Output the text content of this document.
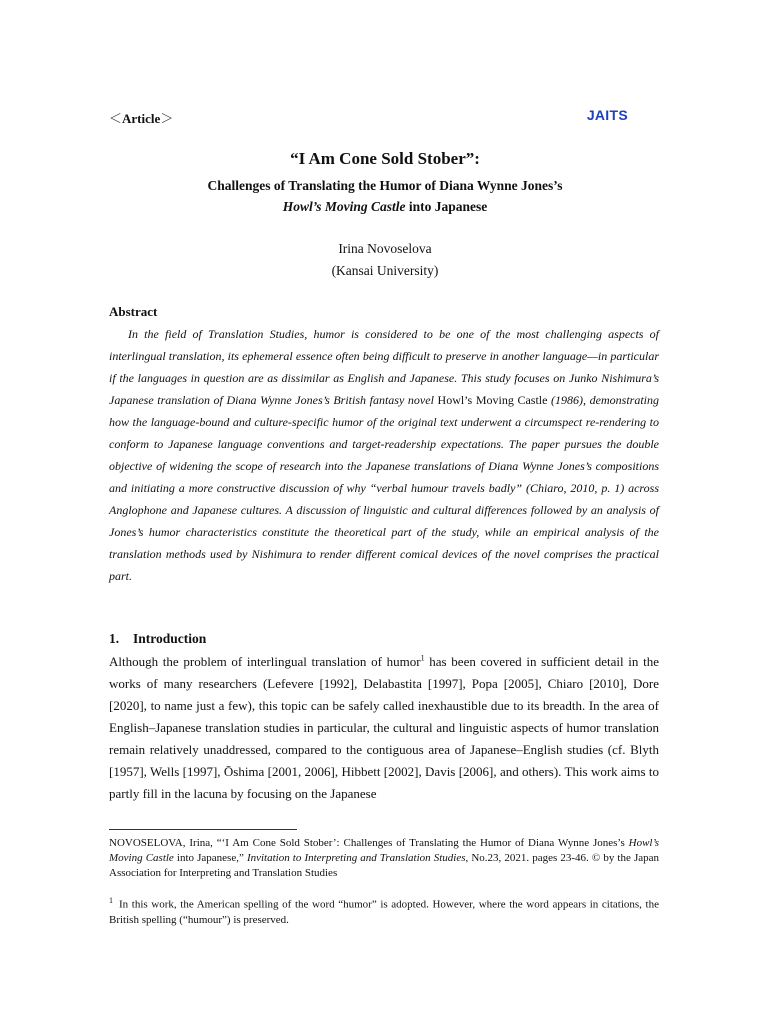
＜Article＞	JAITS
“I Am Cone Sold Stober”:
Challenges of Translating the Humor of Diana Wynne Jones’s
Howl’s Moving Castle into Japanese
Irina Novoselova
(Kansai University)
Abstract
In the field of Translation Studies, humor is considered to be one of the most challenging aspects of interlingual translation, its ephemeral essence often being difficult to preserve in another language—in particular if the languages in question are as dissimilar as English and Japanese. This study focuses on Junko Nishimura’s Japanese translation of Diana Wynne Jones’s British fantasy novel Howl’s Moving Castle (1986), demonstrating how the language-bound and culture-specific humor of the original text underwent a circumspect re-rendering to conform to Japanese language conventions and target-readership expectations. The paper pursues the double objective of widening the scope of research into the Japanese translations of Diana Wynne Jones’s compositions and initiating a more constructive discussion of why “verbal humour travels badly” (Chiaro, 2010, p. 1) across Anglophone and Japanese cultures. A discussion of linguistic and cultural differences followed by an analysis of Jones’s humor characteristics constitute the theoretical part of the study, while an empirical analysis of the translation methods used by Nishimura to render different comical devices of the novel comprises the practical part.
1. Introduction
Although the problem of interlingual translation of humor$^1$ has been covered in sufficient detail in the works of many researchers (Lefevere [1992], Delabastita [1997], Popa [2005], Chiaro [2010], Dore [2020], to name just a few), this topic can be safely called inexhaustible due to its breadth. In the area of English–Japanese translation studies in particular, the cultural and linguistic aspects of humor translation remain relatively unaddressed, compared to the contiguous area of Japanese–English studies (cf. Blyth [1957], Wells [1997], Ōshima [2001, 2006], Hibbett [2002], Davis [2006], and others). This work aims to partly fill in the lacuna by focusing on the Japanese
NOVOSELOVA, Irina, “‘I Am Cone Sold Stober’: Challenges of Translating the Humor of Diana Wynne Jones’s Howl’s Moving Castle into Japanese,” Invitation to Interpreting and Translation Studies, No.23, 2021. pages 23-46. © by the Japan Association for Interpreting and Translation Studies
$^1$ In this work, the American spelling of the word “humor” is adopted. However, where the word appears in citations, the British spelling (“humour”) is preserved.
